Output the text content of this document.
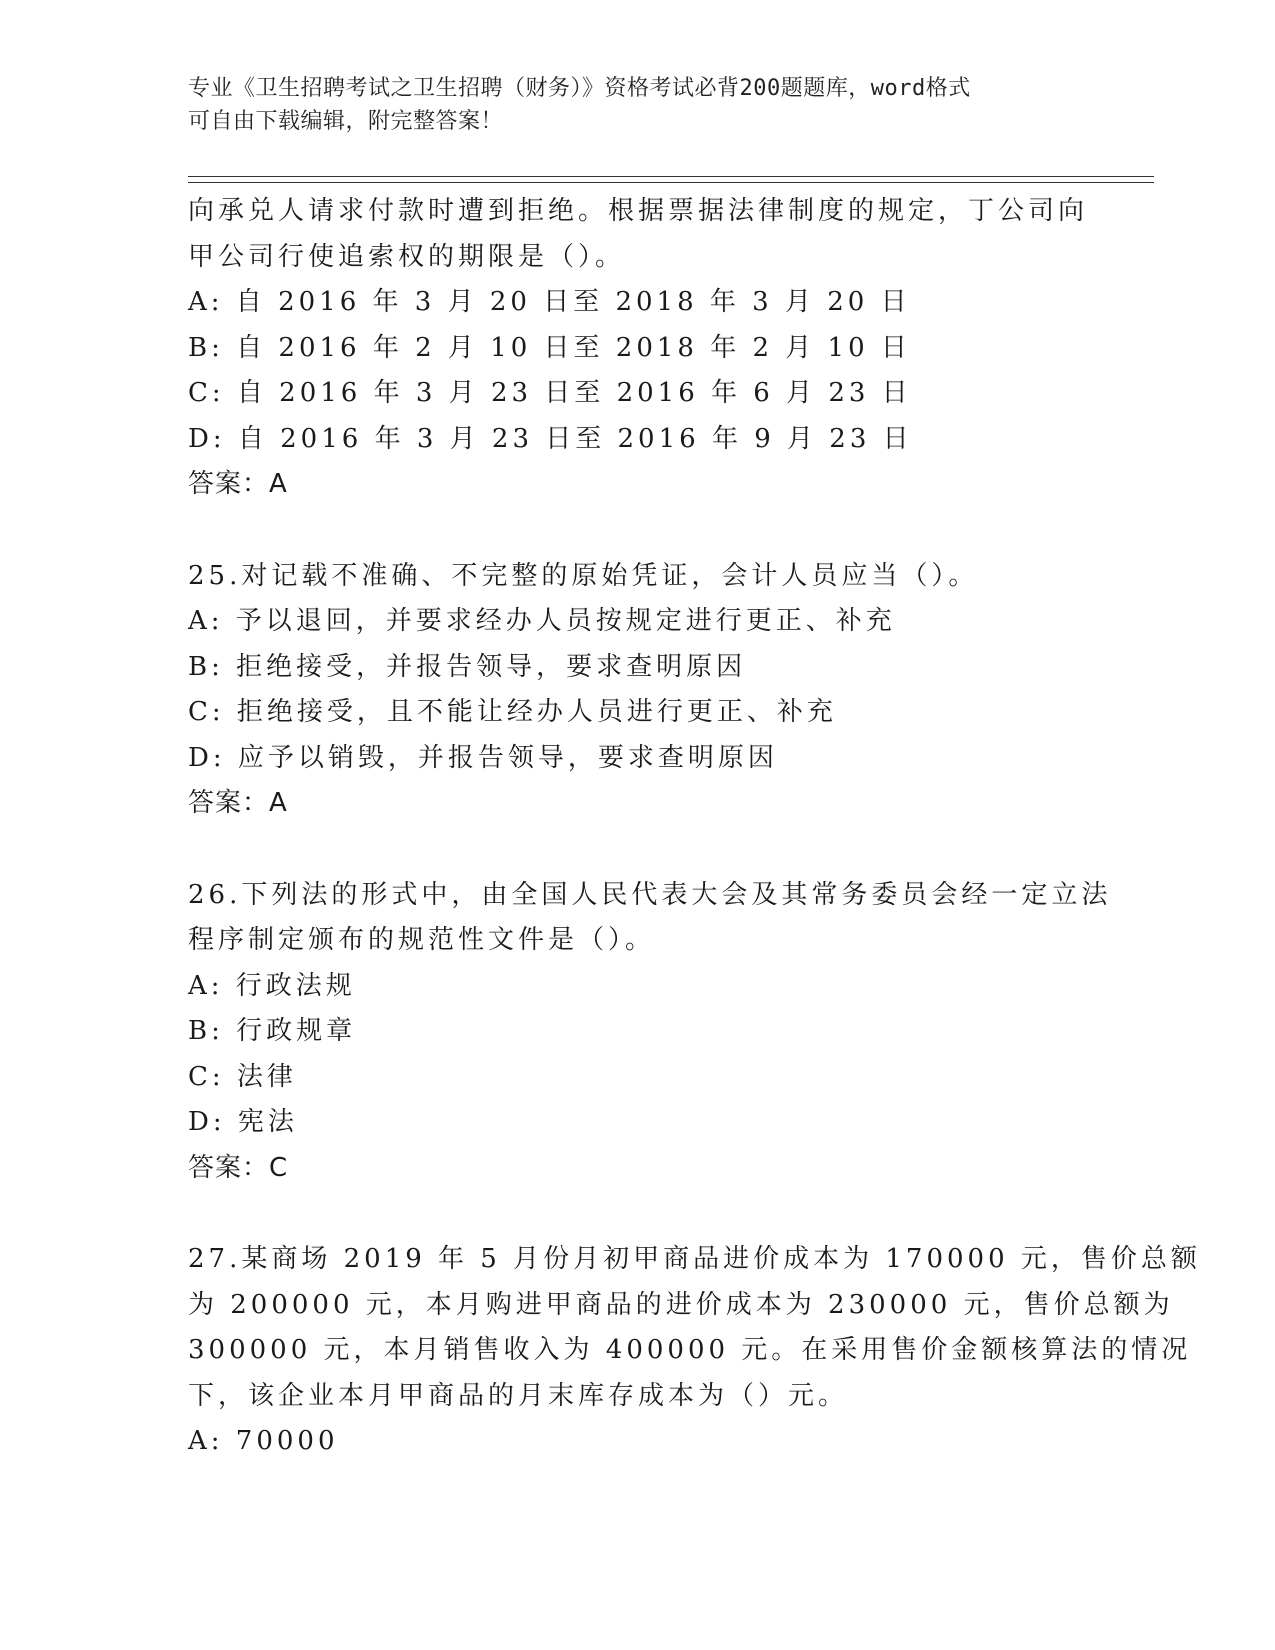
专业《卫生招聘考试之卫生招聘（财务）》资格考试必背200题题库，word格式
可自由下载编辑，附完整答案！
向承兑人请求付款时遭到拒绝。根据票据法律制度的规定，丁公司向
甲公司行使追索权的期限是（）。
A: 自 2016 年 3 月 20 日至 2018 年 3 月 20 日
B: 自 2016 年 2 月 10 日至 2018 年 2 月 10 日
C: 自 2016 年 3 月 23 日至 2016 年 6 月 23 日
D: 自 2016 年 3 月 23 日至 2016 年 9 月 23 日
答案：A
25.对记载不准确、不完整的原始凭证，会计人员应当（）。
A: 予以退回，并要求经办人员按规定进行更正、补充
B: 拒绝接受，并报告领导，要求查明原因
C: 拒绝接受，且不能让经办人员进行更正、补充
D: 应予以销毁，并报告领导，要求查明原因
答案：A
26.下列法的形式中，由全国人民代表大会及其常务委员会经一定立法
程序制定颁布的规范性文件是（）。
A: 行政法规
B: 行政规章
C: 法律
D: 宪法
答案：C
27.某商场 2019 年 5 月份月初甲商品进价成本为 170000 元，售价总额
为 200000 元，本月购进甲商品的进价成本为 230000 元，售价总额为
300000 元，本月销售收入为 400000 元。在采用售价金额核算法的情况
下，该企业本月甲商品的月末库存成本为（）元。
A: 70000
